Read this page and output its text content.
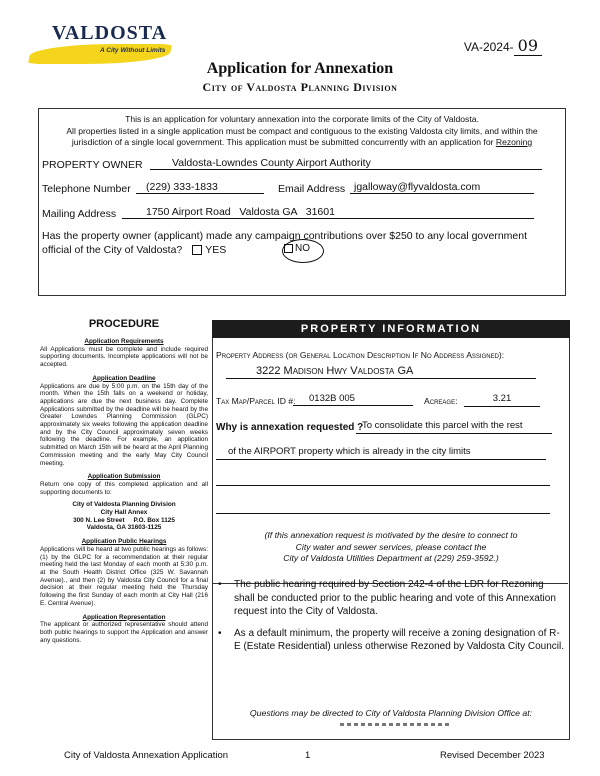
VALDOSTA
A City Without Limits	VA-2024- 09
Application for Annexation
City of Valdosta Planning Division
This is an application for voluntary annexation into the corporate limits of the City of Valdosta.
All properties listed in a single application must be compact and contiguous to the existing Valdosta city limits, and within the
jurisdiction of a single local government. This application must be submitted concurrently with an application for Rezoning
PROPERTY OWNER	Valdosta-Lowndes County Airport Authority
Telephone Number	(229) 333-1833	Email Address jgalloway@flyvaldosta.com
Mailing Address	1750 Airport Road   Valdosta GA   31601
Has the property owner (applicant) made any campaign contributions over $250 to any local government
official of the City of Valdosta? YES	NO
PROCEDURE
Application Requirements

All Applications must be complete and include required supporting documents. Incomplete applications will not be accepted.

Application Deadline

Applications are due by 5:00 p.m. on the 15th day of the month. When the 15th falls on a weekend or holiday, applications are due the next business day. Complete Applications submitted by the deadline will be heard by the Greater Lowndes Planning Commission (GLPC) approximately six weeks following the application deadline and by the City Council approximately seven weeks following the deadline. For example, an application submitted on March 15th will be heard at the April Planning Commission meeting and the early May City Council meeting.

Application Submission

Return one copy of this completed application and all supporting documents to:

City of Valdosta Planning Division
City Hall Annex
300 N. Lee Street     P.O. Box 1125
Valdosta, GA 31603-1125
Application Public Hearings

Applications will be heard at two public hearings as follows: (1) by the GLPC for a recommendation at their regular meeting held the last Monday of each month at 5:30 p.m. at the South Health District Office (325 W. Savannah Avenue)., and then (2) by Valdosta City Council for a final decision at their regular meeting held the Thursday following the first Sunday of each month at City Hall (216 E. Central Avenue).

Application Representation

The applicant or authorized representative should attend both public hearings to support the Application and answer any questions.

PROPERTY INFORMATION
Property Address (or General Location Description If No Address Assigned):
3222 Madison Hwy Valdosta GA
Tax Map/Parcel ID #:	0132B 005	Acreage:	3.21
Why is annexation requested ?
To consolidate this parcel with the rest
of the AIRPORT property which is already in the city limits
(If this annexation request is motivated by the desire to connect to
City water and sewer services, please contact the
City of Valdosta Utilities Department at (229) 259-3592.)
• The public hearing required by Section 242-4 of the LDR for Rezoning shall be conducted prior to the public hearing and vote of this Annexation request into the City of Valdosta.
• As a default minimum, the property will receive a zoning designation of R-E (Estate Residential) unless otherwise Rezoned by Valdosta City Council.
Questions may be directed to City of Valdosta Planning Division Office at:
City of Valdosta Annexation Application	1	Revised December 2023
